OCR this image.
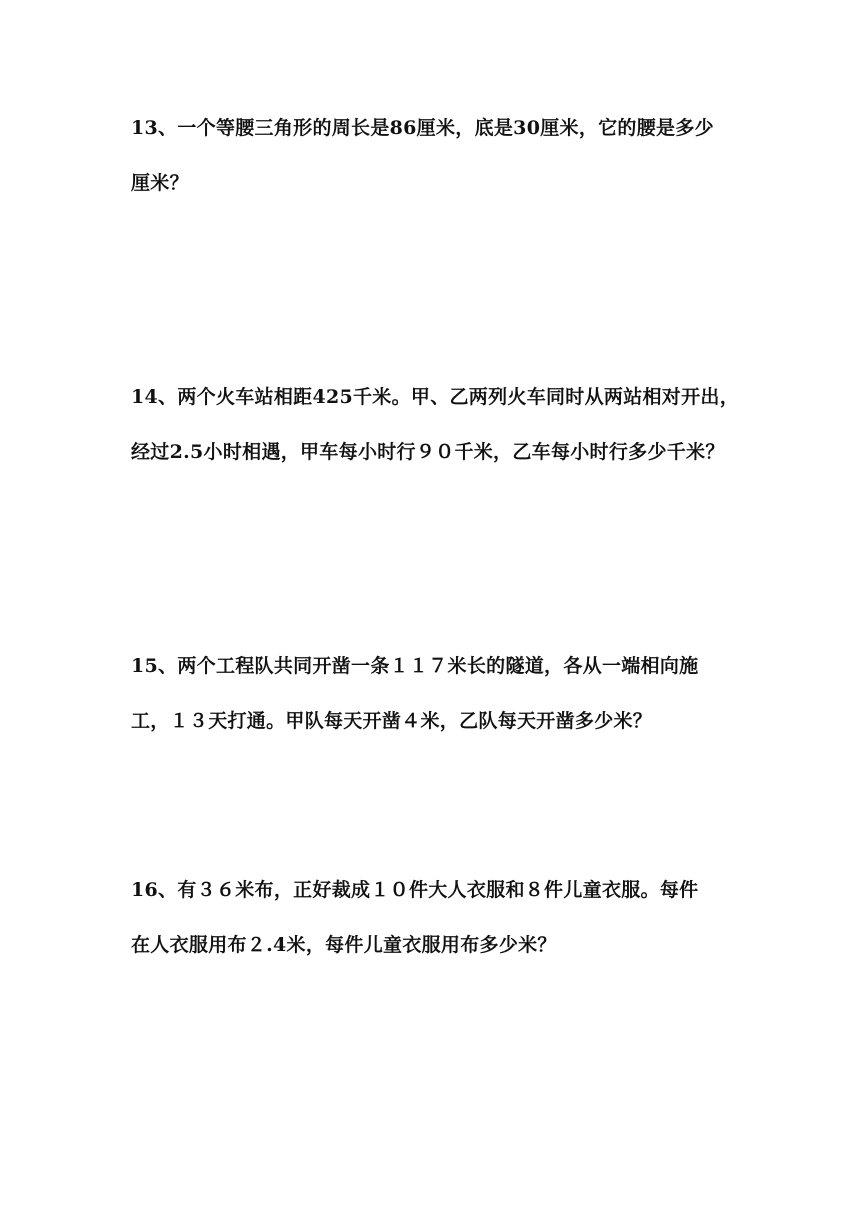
13、一个等腰三角形的周长是86厘米，底是30厘米，它的腰是多少
厘米？
14、两个火车站相距425千米。甲、乙两列火车同时从两站相对开出，
经过2.5小时相遇，甲车每小时行９０千米，乙车每小时行多少千米？
15、两个工程队共同开凿一条１１７米长的隧道，各从一端相向施
工，１３天打通。甲队每天开凿４米，乙队每天开凿多少米？
16、有３６米布，正好裁成１０件大人衣服和８件儿童衣服。每件
在人衣服用布２.4米，每件儿童衣服用布多少米？
